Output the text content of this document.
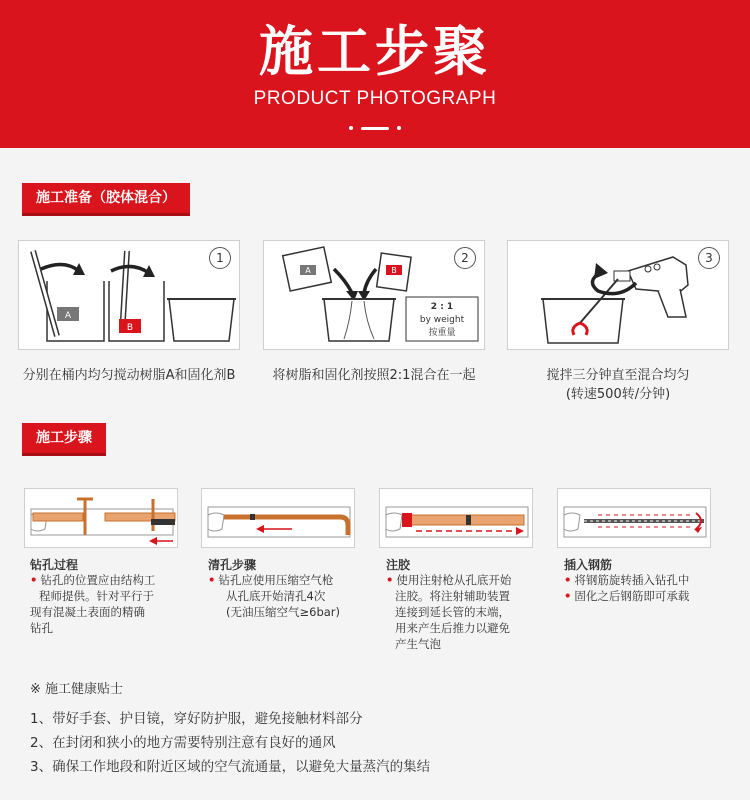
施工步聚
PRODUCT PHOTOGRAPH
施工准备（胶体混合）
1
A
B
分别在桶内均匀搅动树脂A和固化剂B
2
A	B
2 : 1
by weight
按重量
将树脂和固化剂按照2:1混合在一起
3
搅拌三分钟直至混合均匀
(转速500转/分钟)
施工步骤
钻孔过程
• 钻孔的位置应由结构工
程师提供。针对平行于
现有混凝土表面的精确
钻孔
清孔步骤
• 钻孔应使用压缩空气枪
从孔底开始清孔4次
(无油压缩空气≥6bar)
注胶
• 使用注射枪从孔底开始
注胶。将注射辅助装置
连接到延长管的末端，
用来产生后推力以避免
产生气泡
插入钢筋
• 将钢筋旋转插入钻孔中
• 固化之后钢筋即可承载
※ 施工健康贴士
1、带好手套、护目镜，穿好防护服，避免接触材料部分
2、在封闭和狭小的地方需要特别注意有良好的通风
3、确保工作地段和附近区域的空气流通量，以避免大量蒸汽的集结
